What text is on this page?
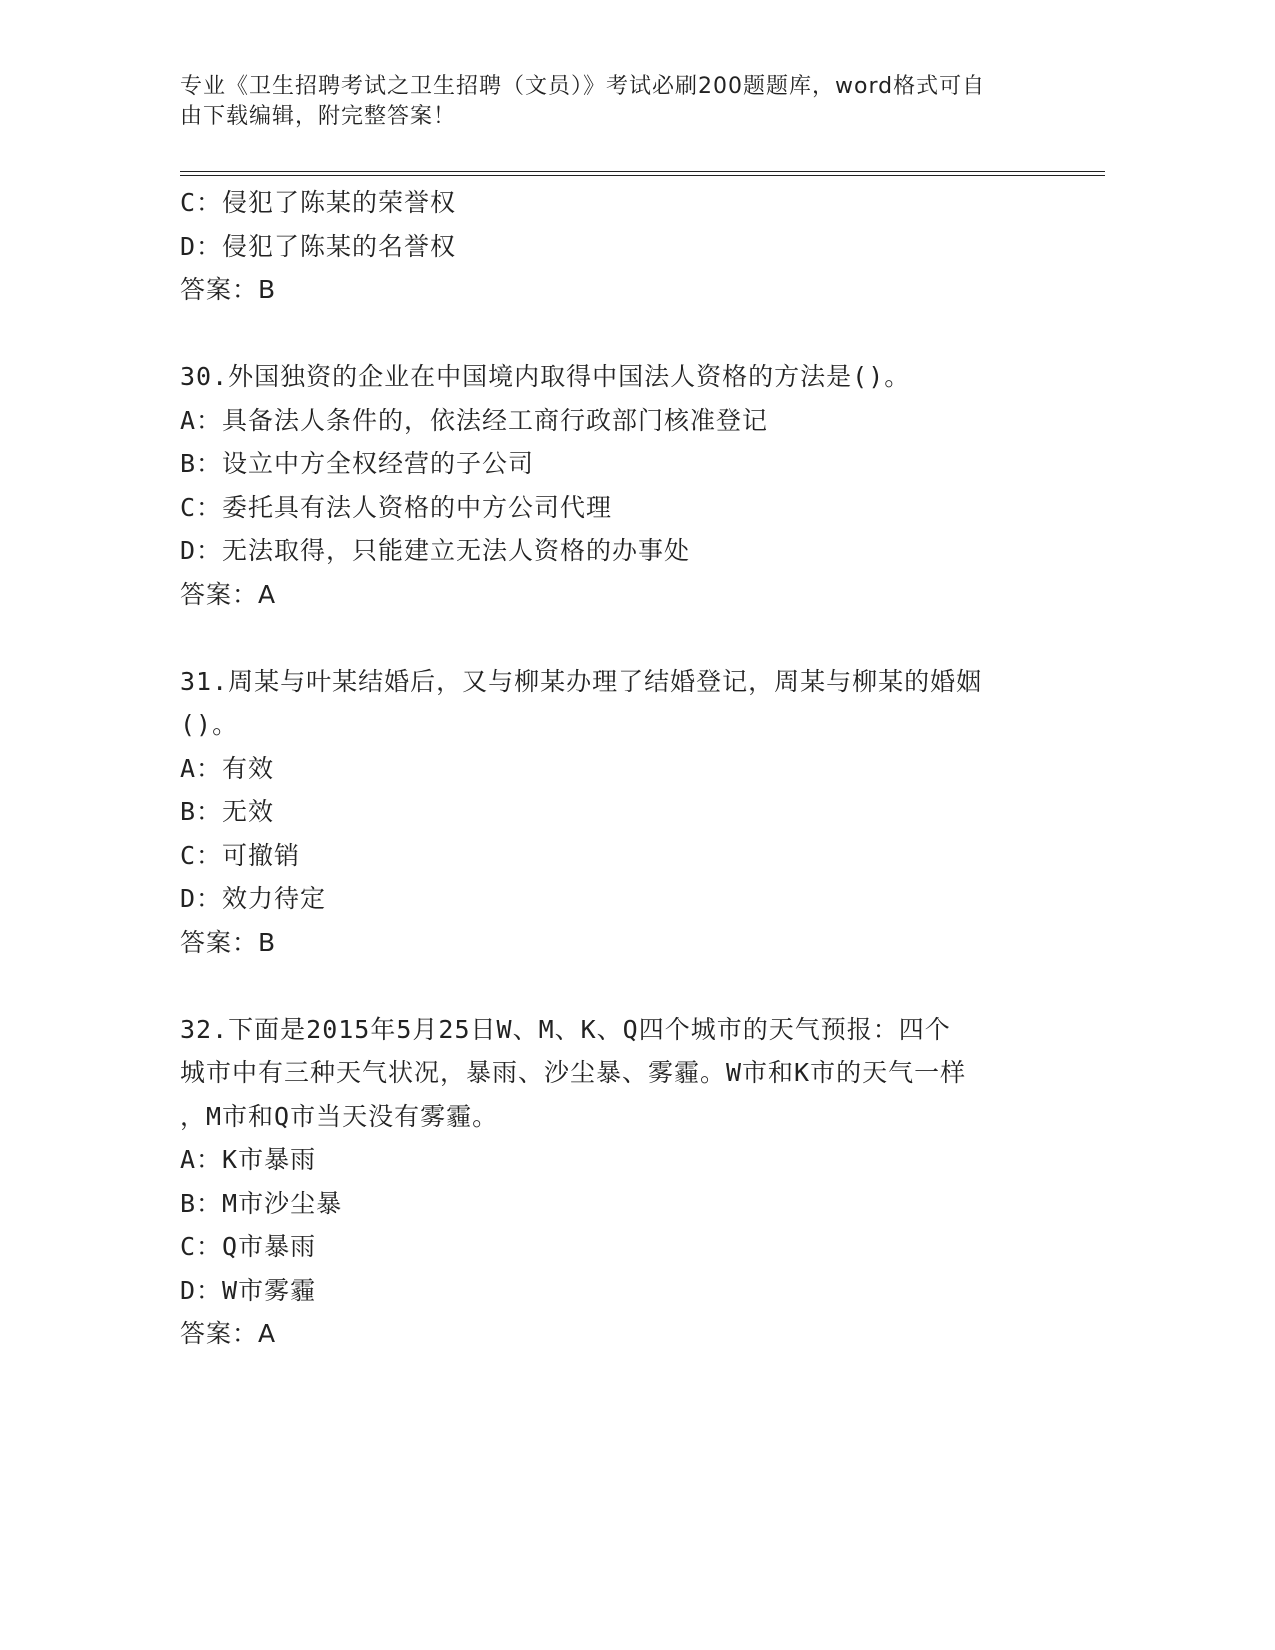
专业《卫生招聘考试之卫生招聘（文员）》考试必刷200题题库，word格式可自
由下载编辑，附完整答案！
C：侵犯了陈某的荣誉权
D：侵犯了陈某的名誉权
答案：B
30.外国独资的企业在中国境内取得中国法人资格的方法是()。
A：具备法人条件的，依法经工商行政部门核准登记
B：设立中方全权经营的子公司
C：委托具有法人资格的中方公司代理
D：无法取得，只能建立无法人资格的办事处
答案：A
31.周某与叶某结婚后，又与柳某办理了结婚登记，周某与柳某的婚姻
()。
A：有效
B：无效
C：可撤销
D：效力待定
答案：B
32.下面是2015年5月25日W、M、K、Q四个城市的天气预报：四个
城市中有三种天气状况，暴雨、沙尘暴、雾霾。W市和K市的天气一样
，M市和Q市当天没有雾霾。
A：K市暴雨
B：M市沙尘暴
C：Q市暴雨
D：W市雾霾
答案：A
